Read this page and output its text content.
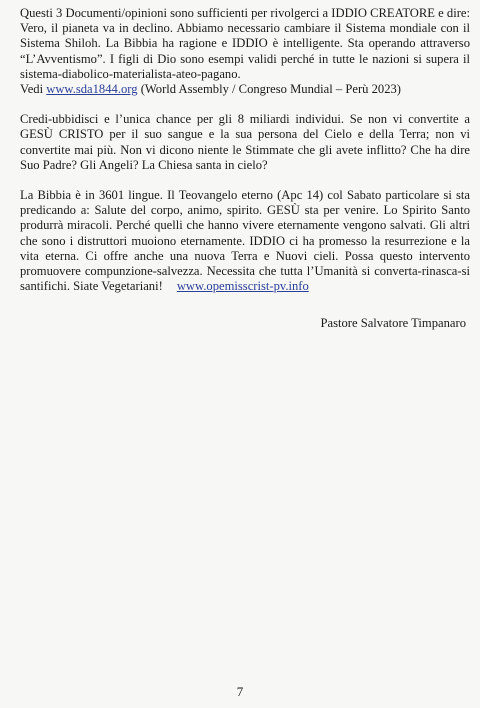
Questi 3 Documenti/opinioni sono sufficienti per rivolgerci a IDDIO CREATORE e dire: Vero, il pianeta va in declino. Abbiamo necessario cambiare il Sistema mondiale con il Sistema Shiloh. La Bibbia ha ragione e IDDIO è intelligente. Sta operando attraverso “L’Avventismo”. I figli di Dio sono esempi validi perché in tutte le nazioni si supera il sistema-diabolico-materialista-ateo-pagano.
Vedi www.sda1844.org (World Assembly / Congreso Mundial – Perù 2023)

Credi-ubbidisci e l’unica chance per gli 8 miliardi individui. Se non vi convertite a GESÙ CRISTO per il suo sangue e la sua persona del Cielo e della Terra; non vi convertite mai più. Non vi dicono niente le Stimmate che gli avete inflitto? Che ha dire Suo Padre? Gli Angeli? La Chiesa santa in cielo?

La Bibbia è in 3601 lingue. Il Teovangelo eterno (Apc 14) col Sabato particolare si sta predicando a: Salute del corpo, animo, spirito. GESÙ sta per venire. Lo Spirito Santo produrrà miracoli. Perché quelli che hanno vivere eternamente vengono salvati. Gli altri che sono i distruttori muoiono eternamente. IDDIO ci ha promesso la resurrezione e la vita eterna. Ci offre anche una nuova Terra e Nuovi cieli. Possa questo intervento promuovere compunzione-salvezza. Necessita che tutta l’Umanità si converta-rinasca-si santifichi. Siate Vegetariani! www.opemisscrist-pv.info

Pastore Salvatore Timpanaro
7
